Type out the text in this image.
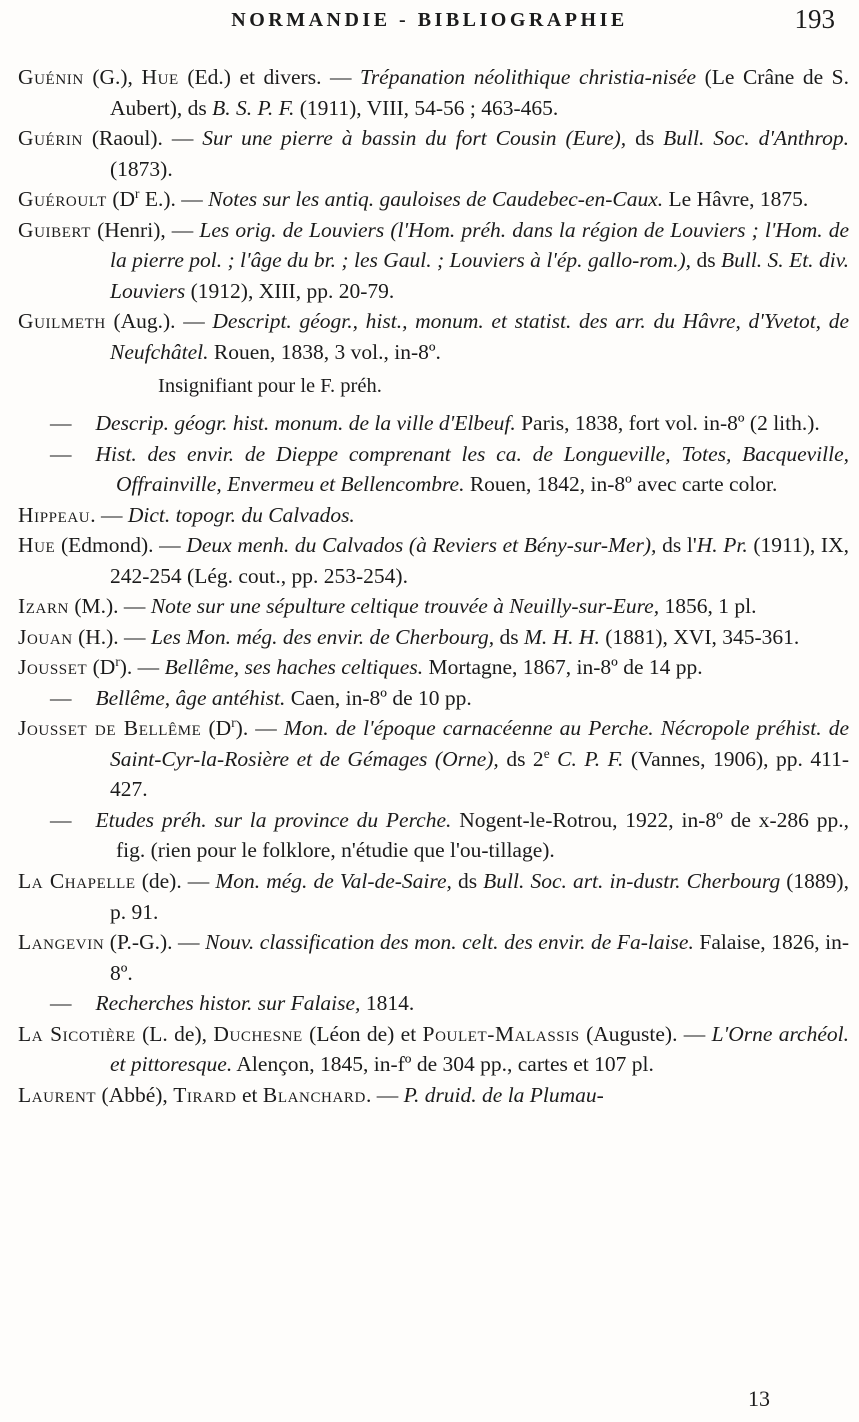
NORMANDIE - BIBLIOGRAPHIE	193

Guénin (G.), Hue (Ed.) et divers. — Trépanation néolithique christia-nisée (Le Crâne de S. Aubert), ds B. S. P. F. (1911), VIII, 54-56 ; 463-465.

Guérin (Raoul). — Sur une pierre à bassin du fort Cousin (Eure), ds Bull. Soc. d'Anthrop. (1873).

Guéroult ($D^r$ E.). — Notes sur les antiq. gauloises de Caudebec-en-Caux. Le Hâvre, 1875.

Guibert (Henri), — Les orig. de Louviers (l'Hom. préh. dans la région de Louviers ; l'Hom. de la pierre pol. ; l'âge du br. ; les Gaul. ; Louviers à l'ép. gallo-rom.), ds Bull. S. Et. div. Louviers (1912), XIII, pp. 20-79.

Guilmeth (Aug.). — Descript. géogr., hist., monum. et statist. des arr. du Hâvre, d'Yvetot, de Neufchâtel. Rouen, 1838, 3 vol., in-8º.

Insignifiant pour le F. préh.

— Descrip. géogr. hist. monum. de la ville d'Elbeuf. Paris, 1838, fort vol. in-8º (2 lith.).

— Hist. des envir. de Dieppe comprenant les ca. de Longueville, Totes, Bacqueville, Offrainville, Envermeu et Bellencombre. Rouen, 1842, in-8º avec carte color.

Hippeau. — Dict. topogr. du Calvados.

Hue (Edmond). — Deux menh. du Calvados (à Reviers et Bény-sur-Mer), ds l'H. Pr. (1911), IX, 242-254 (Lég. cout., pp. 253-254).

Izarn (M.). — Note sur une sépulture celtique trouvée à Neuilly-sur-Eure, 1856, 1 pl.

Jouan (H.). — Les Mon. még. des envir. de Cherbourg, ds M. H. H. (1881), XVI, 345-361.

Jousset $(D^r)$. — Bellême, ses haches celtiques. Mortagne, 1867, in-8º de 14 pp.

— Bellême, âge antéhist. Caen, in-8º de 10 pp.

Jousset de Bellême $(D^r)$. — Mon. de l'époque carnacéenne au Perche. Nécropole préhist. de Saint-Cyr-la-Rosière et de Gémages (Orne), ds 2e C. P. F. (Vannes, 1906), pp. 411-427.

— Etudes préh. sur la province du Perche. Nogent-le-Rotrou, 1922, in-8º de x-286 pp., fig. (rien pour le folklore, n'étudie que l'ou-tillage).

La Chapelle (de). — Mon. még. de Val-de-Saire, ds Bull. Soc. art. in-dustr. Cherbourg (1889), p. 91.

Langevin (P.-G.). — Nouv. classification des mon. celt. des envir. de Fa-laise. Falaise, 1826, in-8º.

— Recherches histor. sur Falaise, 1814.

La Sicotière (L. de), Duchesne (Léon de) et Poulet-Malassis (Auguste). — L'Orne archéol. et pittoresque. Alençon, 1845, in-fº de 304 pp., cartes et 107 pl.

Laurent (Abbé), Tirard et Blanchard. — P. druid. de la Plumau-

13
